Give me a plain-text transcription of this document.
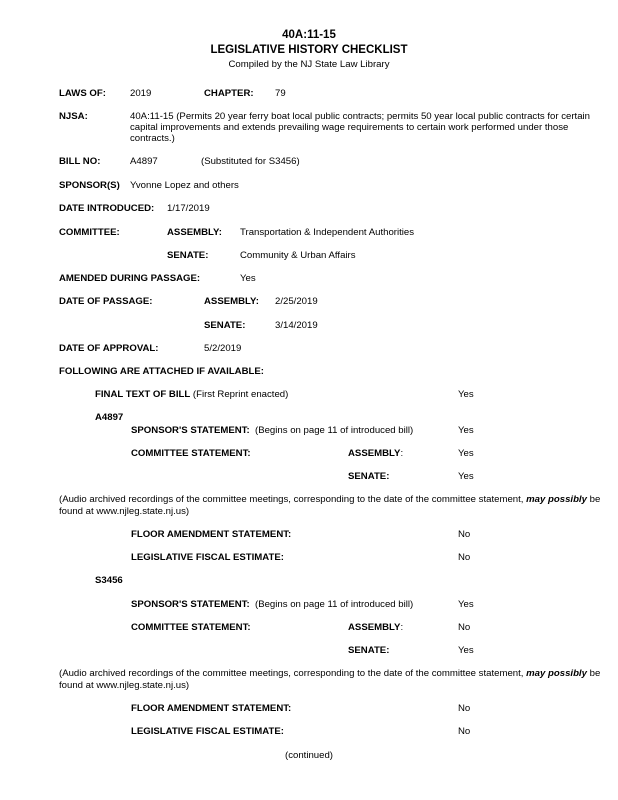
40A:11-15
LEGISLATIVE HISTORY CHECKLIST
Compiled by the NJ State Law Library
LAWS OF:	2019	CHAPTER: 79
NJSA:	40A:11-15 (Permits 20 year ferry boat local public contracts; permits 50 year local public contracts for certain
capital improvements and extends prevailing wage requirements to certain work performed under those
contracts.)
BILL NO:	A4897	(Substituted for S3456)
SPONSOR(S) Yvonne Lopez and others
DATE INTRODUCED: 1/17/2019
COMMITTEE:	ASSEMBLY: Transportation & Independent Authorities
SENATE:	Community & Urban Affairs
AMENDED DURING PASSAGE:	Yes
DATE OF PASSAGE:	ASSEMBLY: 2/25/2019
SENATE:	3/14/2019
DATE OF APPROVAL:	5/2/2019
FOLLOWING ARE ATTACHED IF AVAILABLE:
FINAL TEXT OF BILL (First Reprint enacted)	Yes
A4897
SPONSOR'S STATEMENT: (Begins on page 11 of introduced bill)	Yes
COMMITTEE STATEMENT:	ASSEMBLY:	Yes
SENATE:	Yes
(Audio archived recordings of the committee meetings, corresponding to the date of the committee statement, may possibly be found at www.njleg.state.nj.us)
FLOOR AMENDMENT STATEMENT:	No
LEGISLATIVE FISCAL ESTIMATE:	No
S3456
SPONSOR'S STATEMENT: (Begins on page 11 of introduced bill)	Yes
COMMITTEE STATEMENT:	ASSEMBLY:	No
SENATE:	Yes
(Audio archived recordings of the committee meetings, corresponding to the date of the committee statement, may possibly be found at www.njleg.state.nj.us)
FLOOR AMENDMENT STATEMENT:	No
LEGISLATIVE FISCAL ESTIMATE:	No
(continued)
